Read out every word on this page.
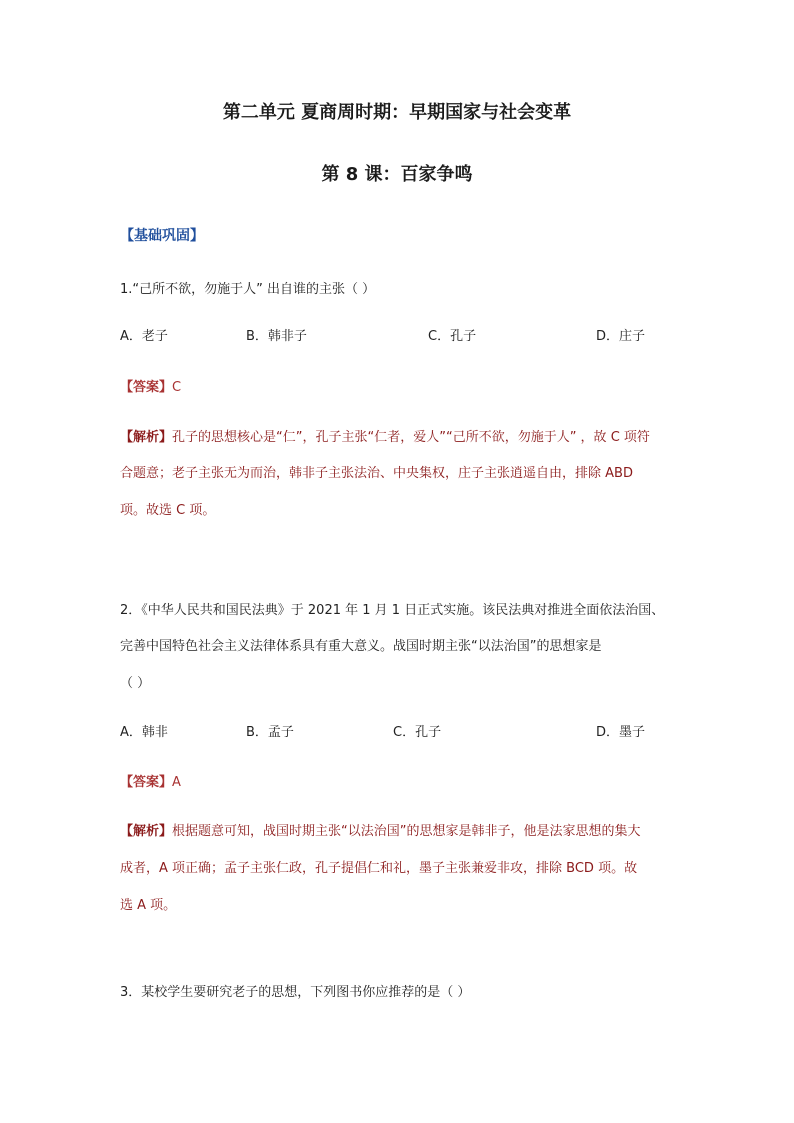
第二单元 夏商周时期：早期国家与社会变革
第 8 课：百家争鸣
【基础巩固】
1.“己所不欲，勿施于人” 出自谁的主张（ ）
A．老子	B．韩非子	C．孔子	D．庄子
【答案】C
【解析】孔子的思想核心是“仁”，孔子主张“仁者，爱人”“己所不欲，勿施于人” ，故 C 项符
合题意；老子主张无为而治，韩非子主张法治、中央集权，庄子主张逍遥自由，排除 ABD
项。故选 C 项。
2．《中华人民共和国民法典》于 2021 年 1 月 1 日正式实施。该民法典对推进全面依法治国、
完善中国特色社会主义法律体系具有重大意义。战国时期主张“以法治国”的思想家是
（ ）
A．韩非	B．孟子	C．孔子	D．墨子
【答案】A
【解析】根据题意可知，战国时期主张“以法治国”的思想家是韩非子，他是法家思想的集大
成者，A 项正确；孟子主张仁政，孔子提倡仁和礼，墨子主张兼爱非攻，排除 BCD 项。故
选 A 项。
3．某校学生要研究老子的思想，下列图书你应推荐的是（ ）
